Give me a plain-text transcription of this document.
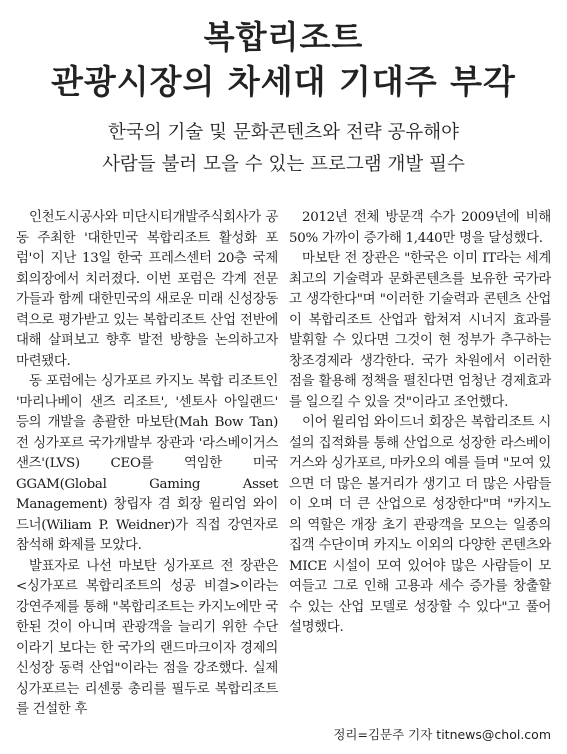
복합리조트
관광시장의 차세대 기대주 부각
한국의 기술 및 문화콘텐츠와 전략 공유해야
사람들 불러 모을 수 있는 프로그램 개발 필수

인천도시공사와 미단시티개발주식회사가 공동 주최한 '대한민국 복합리조트 활성화 포럼'이 지난 13일 한국 프레스센터 20층 국제회의장에서 치러졌다. 이번 포럼은 각계 전문가들과 함께 대한민국의 새로운 미래 신성장동력으로 평가받고 있는 복합리조트 산업 전반에 대해 살펴보고 향후 발전 방향을 논의하고자 마련됐다.

동 포럼에는 싱가포르 카지노 복합 리조트인 '마리나베이 샌즈 리조트', '센토사 아일랜드' 등의 개발을 총괄한 마보탄(Mah Bow Tan) 전 싱가포르 국가개발부 장관과 '라스베이거스 샌즈'(LVS) CEO를 역임한 미국 GGAM(Global Gaming Asset Management) 창립자 겸 회장 윌리엄 와이드너(Wiliam P. Weidner)가 직접 강연자로 참석해 화제를 모았다.

발표자로 나선 마보탄 싱가포르 전 장관은 <싱가포르 복합리조트의 성공 비결>이라는 강연주제를 통해 "복합리조트는 카지노에만 국한된 것이 아니며 관광객을 늘리기 위한 수단이라기 보다는 한 국가의 랜드마크이자 경제의 신성장 동력 산업"이라는 점을 강조했다. 실제 싱가포르는 리센룽 총리를 필두로 복합리조트를 건설한 후

2012년 전체 방문객 수가 2009년에 비해 50% 가까이 증가해 1,440만 명을 달성했다.

마보탄 전 장관은 "한국은 이미 IT라는 세계 최고의 기술력과 문화콘텐츠를 보유한 국가라고 생각한다"며 "이러한 기술력과 콘텐츠 산업이 복합리조트 산업과 합쳐져 시너지 효과를 발휘할 수 있다면 그것이 현 정부가 추구하는 창조경제라 생각한다. 국가 차원에서 이러한 점을 활용해 정책을 펼친다면 엄청난 경제효과를 일으킬 수 있을 것"이라고 조언했다.

이어 윌리엄 와이드너 회장은 복합리조트 시설의 집적화를 통해 산업으로 성장한 라스베이거스와 싱가포르, 마카오의 예를 들며 "모여 있으면 더 많은 볼거리가 생기고 더 많은 사람들이 오며 더 큰 산업으로 성장한다"며 "카지노의 역할은 개장 초기 관광객을 모으는 일종의 집객 수단이며 카지노 이외의 다양한 콘텐츠와 MICE 시설이 모여 있어야 많은 사람들이 모여들고 그로 인해 고용과 세수 증가를 창출할 수 있는 산업 모델로 성장할 수 있다"고 풀어 설명했다.

정리=김문주 기자 titnews@chol.com
